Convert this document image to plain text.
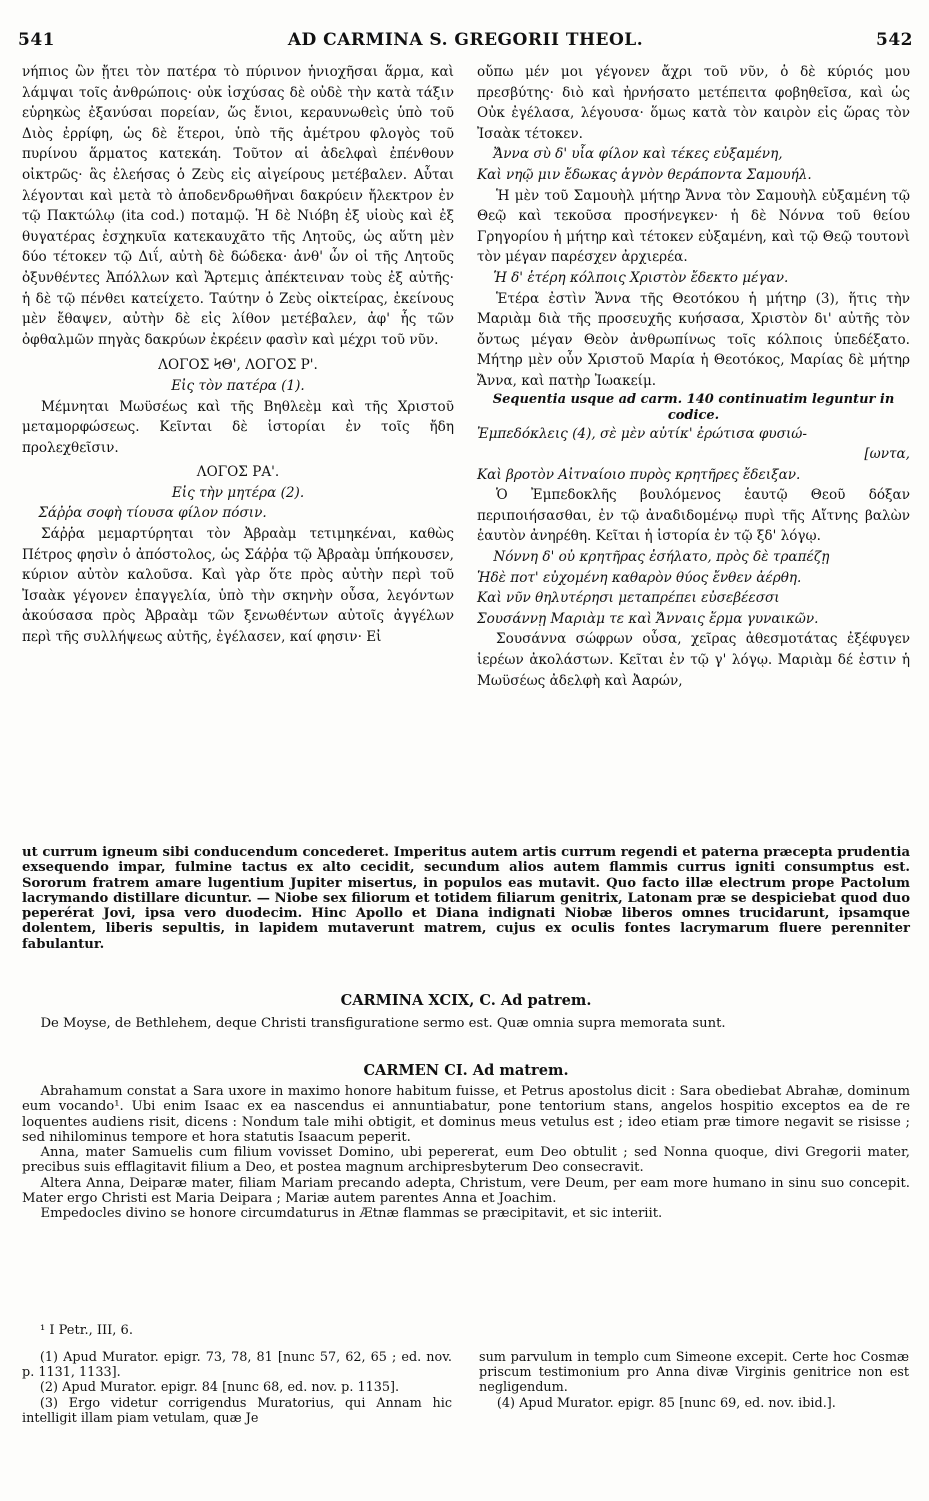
541	AD CARMINA S. GREGORII THEOL.	542

νήπιος ὢν ᾔτει τὸν πατέρα τὸ πύρινον ἡνιοχῆσαι ἅρμα, καὶ λάμψαι τοῖς ἀνθρώποις· οὐκ ἰσχύσας δὲ οὐδὲ τὴν κατὰ τάξιν εὑρηκὼς ἐξανύσαι πορείαν, ὥς ἔνιοι, κεραυνωθεὶς ὑπὸ τοῦ Διὸς ἐρρίφη, ὡς δὲ ἕτεροι, ὑπὸ τῆς ἀμέτρου φλογὸς τοῦ πυρίνου ἅρματος κατεκάη. Τοῦτον αἱ ἀδελφαὶ ἐπένθουν οἰκτρῶς· ἃς ἐλεήσας ὁ Ζεὺς εἰς αἰγείρους μετέβαλεν. Αὗται λέγονται καὶ μετὰ τὸ ἀποδενδρωθῆναι δακρύειν ἤλεκτρον ἐν τῷ Πακτώλῳ (ita cod.) ποταμῷ. Ἡ δὲ Νιόβη ἐξ υἱοὺς καὶ ἐξ θυγατέρας ἐσχηκυῖα κατεκαυχᾶτο τῆς Λητοῦς, ὡς αὕτη μὲν δύο τέτοκεν τῷ Διΐ, αὐτὴ δὲ δώδεκα· ἀνθ' ὧν οἱ τῆς Λητοῦς ὀξυνθέντες Ἀπόλλων καὶ Ἄρτεμις ἀπέκτειναν τοὺς ἐξ αὐτῆς· ἡ δὲ τῷ πένθει κατείχετο. Ταύτην ὁ Ζεὺς οἰκτείρας, ἐκείνους μὲν ἔθαψεν, αὐτὴν δὲ εἰς λίθον μετέβαλεν, ἀφ' ἧς τῶν ὀφθαλμῶν πηγὰς δακρύων ἐκρέειν φασὶν καὶ μέχρι τοῦ νῦν.

ΛΟΓΟΣ ϞΘ', ΛΟΓΟΣ Ρ'.
Εἰς τὸν πατέρα (1).

Μέμνηται Μωϋσέως καὶ τῆς Βηθλεὲμ καὶ τῆς Χριστοῦ μεταμορφώσεως. Κεῖνται δὲ ἱστορίαι ἐν τοῖς ἤδη προλεχθεῖσιν.

ΛΟΓΟΣ ΡΑ'.
Εἰς τὴν μητέρα (2).
Σάῤῥα σοφὴ τίουσα φίλον πόσιν.

Σάῤῥα μεμαρτύρηται τὸν Ἀβραὰμ τετιμηκέναι, καθὼς Πέτρος φησὶν ὁ ἀπόστολος, ὡς Σάῤῥα τῷ Ἀβραὰμ ὑπήκουσεν, κύριον αὐτὸν καλοῦσα. Καὶ γὰρ ὅτε πρὸς αὐτὴν περὶ τοῦ Ἰσαὰκ γέγονεν ἐπαγγελία, ὑπὸ τὴν σκηνὴν οὖσα, λεγόντων ἀκούσασα πρὸς Ἀβραὰμ τῶν ξενωθέντων αὐτοῖς ἀγγέλων περὶ τῆς συλλήψεως αὐτῆς, ἐγέλασεν, καί φησιν· Εἰ

οὔπω μέν μοι γέγονεν ἄχρι τοῦ νῦν, ὁ δὲ κύριός μου πρεσβύτης· διὸ καὶ ἠρνήσατο μετέπειτα φοβηθεῖσα, καὶ ὡς Οὐκ ἐγέλασα, λέγουσα· ὅμως κατὰ τὸν καιρὸν εἰς ὥρας τὸν Ἰσαὰκ τέτοκεν.

Ἄννα σὺ δ' υἷα φίλον καὶ τέκες εὐξαμένη,
Καὶ νηῷ μιν ἔδωκας ἁγνὸν θεράποντα Σαμουήλ.

Ἡ μὲν τοῦ Σαμουὴλ μήτηρ Ἄννα τὸν Σαμουὴλ εὐξαμένη τῷ Θεῷ καὶ τεκοῦσα προσήνεγκεν· ἡ δὲ Νόννα τοῦ θείου Γρηγορίου ἡ μήτηρ καὶ τέτοκεν εὐξαμένη, καὶ τῷ Θεῷ τουτονὶ τὸν μέγαν παρέσχεν ἀρχιερέα.

Ἡ δ' ἑτέρη κόλποις Χριστὸν ἔδεκτο μέγαν.

Ἑτέρα ἐστὶν Ἄννα τῆς Θεοτόκου ἡ μήτηρ (3), ἥτις τὴν Μαριὰμ διὰ τῆς προσευχῆς κυήσασα, Χριστὸν δι' αὐτῆς τὸν ὄντως μέγαν Θεὸν ἀνθρωπίνως τοῖς κόλποις ὑπεδέξατο. Μήτηρ μὲν οὖν Χριστοῦ Μαρία ἡ Θεοτόκος, Μαρίας δὲ μήτηρ Ἄννα, καὶ πατὴρ Ἰωακείμ.

Sequentia usque ad carm. 140 continuatim leguntur in codice.
Ἐμπεδόκλεις (4), σὲ μὲν αὐτίκ' ἐρώτισα φυσιώ-
[ωντα,
Καὶ βροτὸν Αἰτναίοιο πυρὸς κρητῆρες ἔδειξαν.

Ὁ Ἐμπεδοκλῆς βουλόμενος ἑαυτῷ Θεοῦ δόξαν περιποιήσασθαι, ἐν τῷ ἀναδιδομένῳ πυρὶ τῆς Αἴτνης βαλὼν ἑαυτὸν ἀνηρέθη. Κεῖται ἡ ἱστορία ἐν τῷ ξδ' λόγῳ.

Νόννη δ' οὐ κρητῆρας ἐσήλατο, πρὸς δὲ τραπέζῃ
Ἡδὲ ποτ' εὐχομένη καθαρὸν θύος ἔνθεν ἀέρθη.
Καὶ νῦν θηλυτέρησι μεταπρέπει εὐσεβέεσσι
Σουσάννῃ Μαριὰμ τε καὶ Ἄνναις ἕρμα γυναικῶν.

Σουσάννα σώφρων οὖσα, χεῖρας ἀθεσμοτάτας ἐξέφυγεν ἱερέων ἀκολάστων. Κεῖται ἐν τῷ γ' λόγῳ. Μαριὰμ δέ ἐστιν ἡ Μωϋσέως ἀδελφὴ καὶ Ἀαρών,

ut currum igneum sibi conducendum concederet. Imperitus autem artis currum regendi et paterna præcepta prudentia exsequendo impar, fulmine tactus ex alto cecidit, secundum alios autem flammis currus igniti consumptus est. Sororum fratrem amare lugentium Jupiter misertus, in populos eas mutavit. Quo facto illæ electrum prope Pactolum lacrymando distillare dicuntur. — Niobe sex filiorum et totidem filiarum genitrix, Latonam præ se despiciebat quod duo peperérat Jovi, ipsa vero duodecim. Hinc Apollo et Diana indignati Niobæ liberos omnes trucidarunt, ipsamque dolentem, liberis sepultis, in lapidem mutaverunt matrem, cujus ex oculis fontes lacrymarum fluere perenniter fabulantur.

CARMINA XCIX, C. Ad patrem.

De Moyse, de Bethlehem, deque Christi transfiguratione sermo est. Quæ omnia supra memorata sunt.

CARMEN CI. Ad matrem.

Abrahamum constat a Sara uxore in maximo honore habitum fuisse, et Petrus apostolus dicit : Sara obediebat Abrahæ, dominum eum vocando¹. Ubi enim Isaac ex ea nascendus ei annuntiabatur, pone tentorium stans, angelos hospitio exceptos ea de re loquentes audiens risit, dicens : Nondum tale mihi obtigit, et dominus meus vetulus est ; ideo etiam præ timore negavit se risisse ; sed nihilominus tempore et hora statutis Isaacum peperit.

Anna, mater Samuelis cum filium vovisset Domino, ubi pepererat, eum Deo obtulit ; sed Nonna quoque, divi Gregorii mater, precibus suis efflagitavit filium a Deo, et postea magnum archipresbyterum Deo consecravit.

Altera Anna, Deiparæ mater, filiam Mariam precando adepta, Christum, vere Deum, per eam more humano in sinu suo concepit. Mater ergo Christi est Maria Deipara ; Mariæ autem parentes Anna et Joachim.

Empedocles divino se honore circumdaturus in Ætnæ flammas se præcipitavit, et sic interiit.

¹ I Petr., III, 6.

(1) Apud Murator. epigr. 73, 78, 81 [nunc 57, 62, 65 ; ed. nov. p. 1131, 1133].

(2) Apud Murator. epigr. 84 [nunc 68, ed. nov. p. 1135].

(3) Ergo videtur corrigendus Muratorius, qui Annam hic intelligit illam piam vetulam, quæ Je

sum parvulum in templo cum Simeone excepit. Certe hoc Cosmæ priscum testimonium pro Anna divæ Virginis genitrice non est negligendum.

(4) Apud Murator. epigr. 85 [nunc 69, ed. nov. ibid.].
